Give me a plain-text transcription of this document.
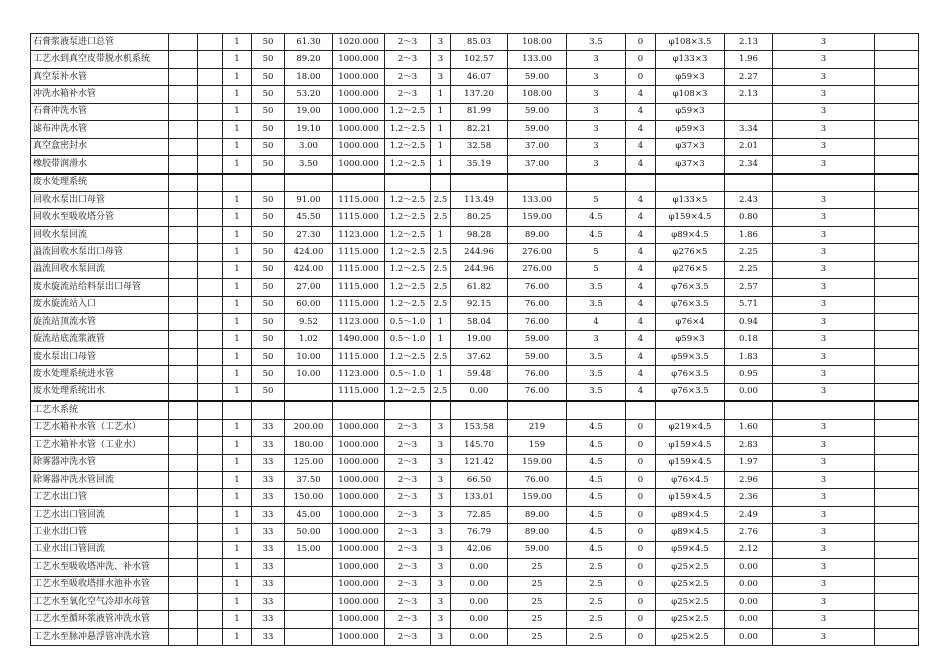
石膏浆液泵进口总管			1	50	61.30	1020.000	2～3	3	85.03	108.00	3.5	0	φ108×3.5	2.13	3	
工艺水到真空皮带脱水机系统			1	50	89.20	1000.000	2～3	3	102.57	133.00	3	0	φ133×3	1.96	3	
真空泵补水管			1	50	18.00	1000.000	2～3	3	46.07	59.00	3	0	φ59×3	2.27	3	
冲洗水箱补水管			1	50	53.20	1000.000	2～3	1	137.20	108.00	3	4	φ108×3	2.13	3	
石膏冲洗水管			1	50	19.00	1000.000	1.2～2.5	1	81.99	59.00	3	4	φ59×3		3	
滤布冲洗水管			1	50	19.10	1000.000	1.2～2.5	1	82.21	59.00	3	4	φ59×3	3.34	3	
真空盒密封水			1	50	3.00	1000.000	1.2～2.5	1	32.58	37.00	3	4	φ37×3	2.01	3	
橡胶带润滑水			1	50	3.50	1000.000	1.2～2.5	1	35.19	37.00	3	4	φ37×3	2.34	3	
废水处理系统																
回收水泵出口母管			1	50	91.00	1115.000	1.2～2.5	2.5	113.49	133.00	5	4	φ133×5	2.43	3	
回收水至吸收塔分管			1	50	45.50	1115.000	1.2～2.5	2.5	80.25	159.00	4.5	4	φ159×4.5	0.80	3	
回收水泵回流			1	50	27.30	1123.000	1.2～2.5	1	98.28	89.00	4.5	4	φ89×4.5	1.86	3	
溢流回收水泵出口母管			1	50	424.00	1115.000	1.2～2.5	2.5	244.96	276.00	5	4	φ276×5	2.25	3	
溢流回收水泵回流			1	50	424.00	1115.000	1.2～2.5	2.5	244.96	276.00	5	4	φ276×5	2.25	3	
废水旋流站给料泵出口母管			1	50	27.00	1115.000	1.2～2.5	2.5	61.82	76.00	3.5	4	φ76×3.5	2.57	3	
废水旋流站入口			1	50	60.00	1115.000	1.2～2.5	2.5	92.15	76.00	3.5	4	φ76×3.5	5.71	3	
旋流站顶流水管			1	50	9.52	1123.000	0.5～1.0	1	58.04	76.00	4	4	φ76×4	0.94	3	
旋流站底流浆液管			1	50	1.02	1490.000	0.5～1.0	1	19.00	59.00	3	4	φ59×3	0.18	3	
废水泵出口母管			1	50	10.00	1115.000	1.2～2.5	2.5	37.62	59.00	3.5	4	φ59×3.5	1.83	3	
废水处理系统进水管			1	50	10.00	1123.000	0.5～1.0	1	59.48	76.00	3.5	4	φ76×3.5	0.95	3	
废水处理系统出水			1	50		1115.000	1.2～2.5	2.5	0.00	76.00	3.5	4	φ76×3.5	0.00	3	
工艺水系统																
工艺水箱补水管（工艺水）			1	33	200.00	1000.000	2～3	3	153.58	219	4.5	0	φ219×4.5	1.60	3	
工艺水箱补水管（工业水）			1	33	180.00	1000.000	2～3	3	145.70	159	4.5	0	φ159×4.5	2.83	3	
除雾器冲洗水管			1	33	125.00	1000.000	2～3	3	121.42	159.00	4.5	0	φ159×4.5	1.97	3	
除雾器冲洗水管回流			1	33	37.50	1000.000	2～3	3	66.50	76.00	4.5	0	φ76×4.5	2.96	3	
工艺水出口管			1	33	150.00	1000.000	2～3	3	133.01	159.00	4.5	0	φ159×4.5	2.36	3	
工艺水出口管回流			1	33	45.00	1000.000	2～3	3	72.85	89.00	4.5	0	φ89×4.5	2.49	3	
工业水出口管			1	33	50.00	1000.000	2～3	3	76.79	89.00	4.5	0	φ89×4.5	2.76	3	
工业水出口管回流			1	33	15.00	1000.000	2～3	3	42.06	59.00	4.5	0	φ59×4.5	2.12	3	
工艺水至吸收塔冲洗、补水管			1	33		1000.000	2～3	3	0.00	25	2.5	0	φ25×2.5	0.00	3	
工艺水至吸收塔排水池补水管			1	33		1000.000	2～3	3	0.00	25	2.5	0	φ25×2.5	0.00	3	
工艺水至氧化空气冷却水母管			1	33		1000.000	2～3	3	0.00	25	2.5	0	φ25×2.5	0.00	3	
工艺水至循环浆液管冲洗水管			1	33		1000.000	2～3	3	0.00	25	2.5	0	φ25×2.5	0.00	3	
工艺水至脉冲悬浮管冲洗水管			1	33		1000.000	2～3	3	0.00	25	2.5	0	φ25×2.5	0.00	3	
